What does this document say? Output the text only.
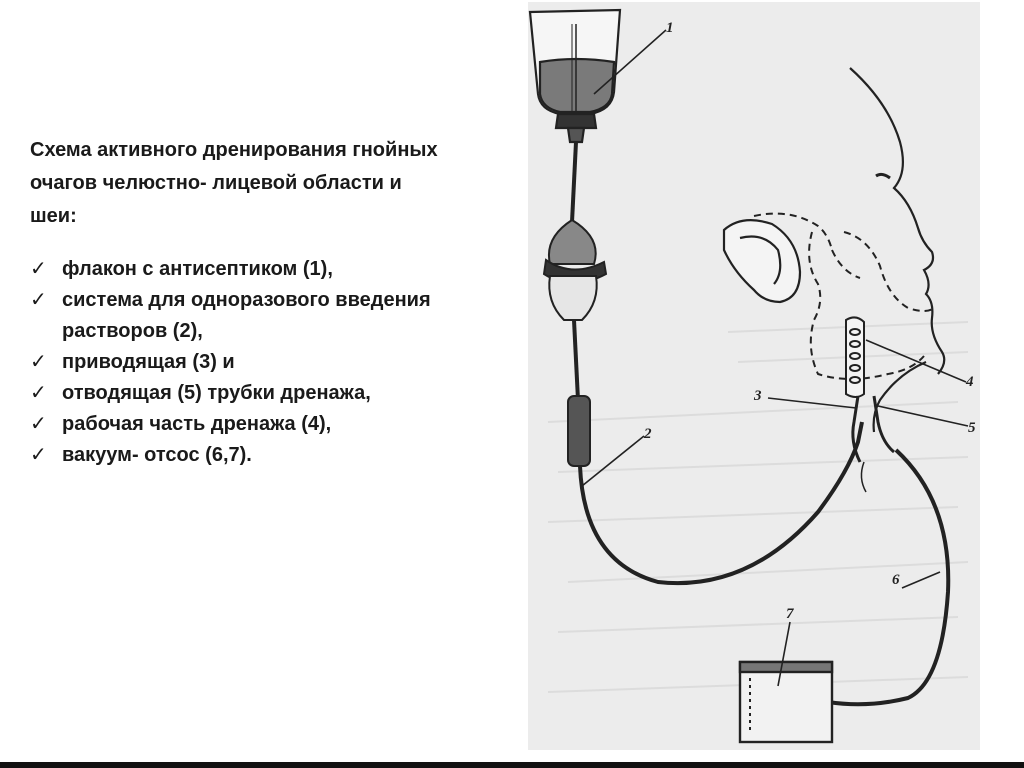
Схема активного дренирования гнойных очагов челюстно- лицевой области и шеи:
✓ флакон с антисептиком (1),
✓ система для одноразового введения растворов (2),
✓ приводящая (3) и
✓ отводящая (5) трубки дренажа,
✓ рабочая часть дренажа (4),
✓ вакуум- отсос (6,7).
1
2
3
4
5
6
7
